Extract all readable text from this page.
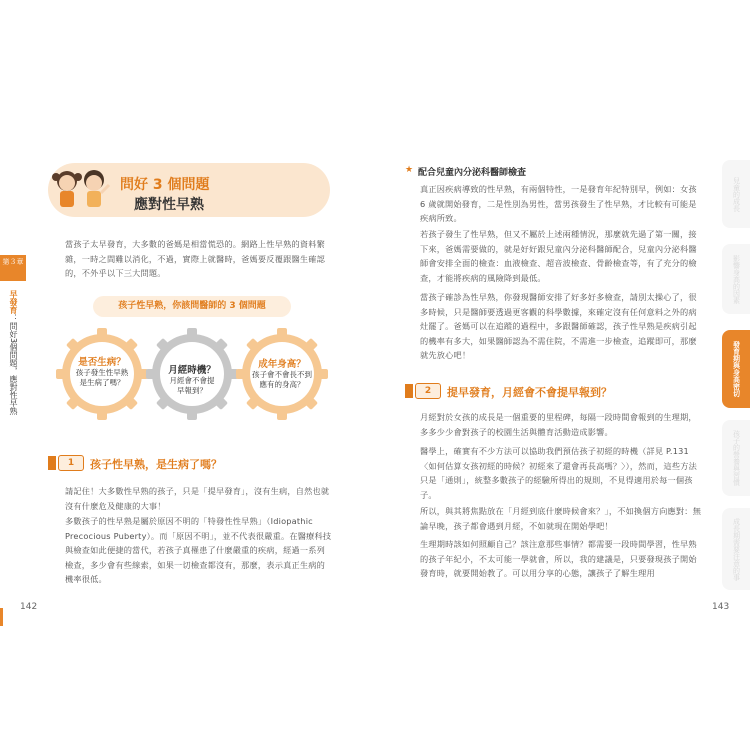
問好 3 個問題
應對性早熟
第３章
早發育：問好3個問題，應對性早熟

當孩子太早發育，大多數的爸媽是相當慌恐的。網路上性早熟的資料繁雜，一時之間難以消化，不過，實際上就醫時，爸媽要反覆跟醫生確認的，不外乎以下三大問題。

孩子性早熟，你該問醫師的 3 個問題
是否生病？
孩子發生性早熟是生病了嗎？
月經時機？
月經會不會提早報到？
成年身高？
孩子會不會長不到應有的身高？
1	孩子性早熟，是生病了嗎？

請記住！大多數性早熟的孩子，只是「提早發育」，沒有生病，自然也就沒有什麼危及健康的大事！

多數孩子的性早熟是屬於原因不明的「特發性性早熟」（Idiopathic Precocious Puberty）。而「原因不明」，並不代表很嚴重。在醫療科技與檢查如此便捷的當代，若孩子真罹患了什麼嚴重的疾病，經過一系列檢查，多少會有些線索，如果一切檢查都沒有，那麼，表示真正生病的機率很低。

142
★ 配合兒童內分泌科醫師檢查

真正因疾病導致的性早熟，有兩個特性，一是發育年紀特別早，例如：女孩 6 歲就開始發育，二是性別為男性，當男孩發生了性早熟，才比較有可能是疾病所致。

若孩子發生了性早熟，但又不屬於上述兩種情況，那麼就先過了第一關，接下來，爸媽需要做的，就是好好跟兒童內分泌科醫師配合，兒童內分泌科醫師會安排全面的檢查：血液檢查、超音波檢查、骨齡檢查等，有了充分的檢查，才能將疾病的風險降到最低。

當孩子確診為性早熟，你發現醫師安排了好多好多檢查，請別太操心了，很多時候，只是醫師要透過更客觀的科學數據，來確定沒有任何意料之外的病灶罷了。爸媽可以在追蹤的過程中，多跟醫師確認，孩子性早熟是疾病引起的機率有多大，如果醫師認為不需住院，不需進一步檢查，追蹤即可，那麼就先放心吧！

2	提早發育，月經會不會提早報到？

月經對於女孩的成長是一個重要的里程碑，每隔一段時間會報到的生理期，多多少少會對孩子的校園生活與體育活動造成影響。

醫學上，確實有不少方法可以協助我們預估孩子初經的時機（詳見 P.131〈如何估算女孩初經的時候？初經來了還會再長高嗎？〉），然而，這些方法只是「通則」，統整多數孩子的經驗所得出的規則，不見得適用於每一個孩子。

所以，與其將焦點放在「月經到底什麼時候會來？」，不如換個方向應對：無論早晚，孩子都會遇到月經，不如就現在開始學吧！

生理期時該如何照顧自己？該注意那些事情？都需要一段時間學習，性早熟的孩子年紀小，不太可能一學就會，所以，我的建議是，只要發現孩子開始發育時，就要開始教了。可以用分享的心態，讓孩子了解生理用

143
兒童的成長
影響身高的因素
發育期與身高密切
孩子的營養與習慣
成長期需要注意的事
